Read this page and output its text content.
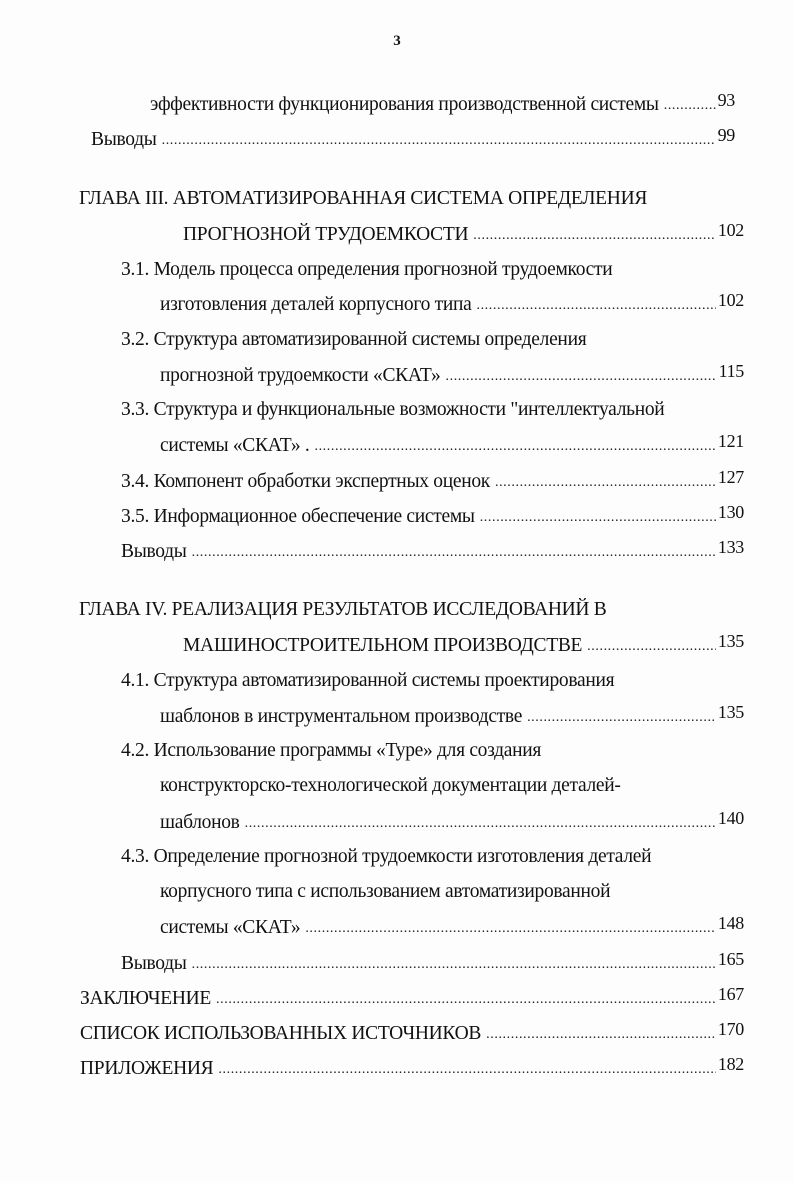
3
эффективности функционирования производственной системы .....	93
Выводы .....	99
ГЛАВА III. АВТОМАТИЗИРОВАННАЯ СИСТЕМА ОПРЕДЕЛЕНИЯ
ПРОГНОЗНОЙ ТРУДОЕМКОСТИ .....	102
3.1. Модель процесса определения прогнозной трудоемкости
изготовления деталей корпусного типа .....	102
3.2. Структура автоматизированной системы определения
прогнозной трудоемкости «СКАТ» .....	115
3.3. Структура и функциональные возможности "интеллектуальной
системы «СКАТ» . .....	121
3.4. Компонент обработки экспертных оценок .....	127
3.5. Информационное обеспечение системы .....	130
Выводы .....	133
ГЛАВА IV. РЕАЛИЗАЦИЯ РЕЗУЛЬТАТОВ ИССЛЕДОВАНИЙ В
МАШИНОСТРОИТЕЛЬНОМ ПРОИЗВОДСТВЕ .....	135
4.1. Структура автоматизированной системы проектирования
шаблонов в инструментальном производстве .....	135
4.2. Использование программы «Type» для создания
конструкторско-технологической документации деталей-
шаблонов .....	140
4.3. Определение прогнозной трудоемкости изготовления деталей
корпусного типа с использованием автоматизированной
системы «СКАТ» .....	148
Выводы .....	165
ЗАКЛЮЧЕНИЕ .....	167
СПИСОК ИСПОЛЬЗОВАННЫХ ИСТОЧНИКОВ .....	170
ПРИЛОЖЕНИЯ .....	182
